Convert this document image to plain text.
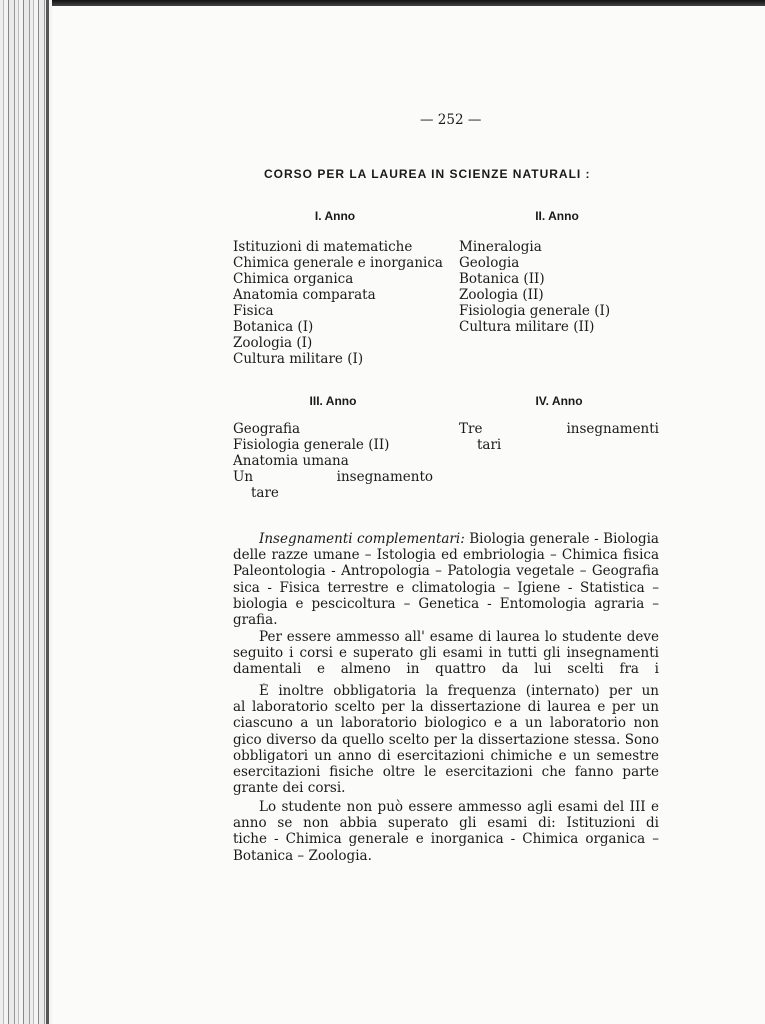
— 252 —
CORSO PER LA LAUREA IN SCIENZE NATURALI :
I. Anno
Istituzioni di matematiche
Chimica generale e inorganica
Chimica organica
Anatomia comparata
Fisica
Botanica (I)
Zoologia (I)
Cultura militare (I)
II. Anno
Mineralogia
Geologia
Botanica (II)
Zoologia (II)
Fisiologia generale (I)
Cultura militare (II)
III. Anno
Geografia
Fisiologia generale (II)
Anatomia umana
Un insegnamento
tare
IV. Anno
Tre insegnamenti
tari
Insegnamenti complementari: Biologia generale - Biologia
delle razze umane – Istologia ed embriologia – Chimica fisica
Paleontologia - Antropologia – Patologia vegetale – Geografia
sica - Fisica terrestre e climatologia – Igiene - Statistica –
biologia e pescicoltura – Genetica - Entomologia agraria –
grafia.
Per essere ammesso all' esame di laurea lo studente deve
seguito i corsi e superato gli esami in tutti gli insegnamenti
damentali e almeno in quattro da lui scelti fra i
È inoltre obbligatoria la frequenza (internato) per un
al laboratorio scelto per la dissertazione di laurea e per un
ciascuno a un laboratorio biologico e a un laboratorio non
gico diverso da quello scelto per la dissertazione stessa. Sono
obbligatori un anno di esercitazioni chimiche e un semestre
esercitazioni fisiche oltre le esercitazioni che fanno parte
grante dei corsi.
Lo studente non può essere ammesso agli esami del III e
anno se non abbia superato gli esami di: Istituzioni di
tiche - Chimica generale e inorganica - Chimica organica –
Botanica – Zoologia.
